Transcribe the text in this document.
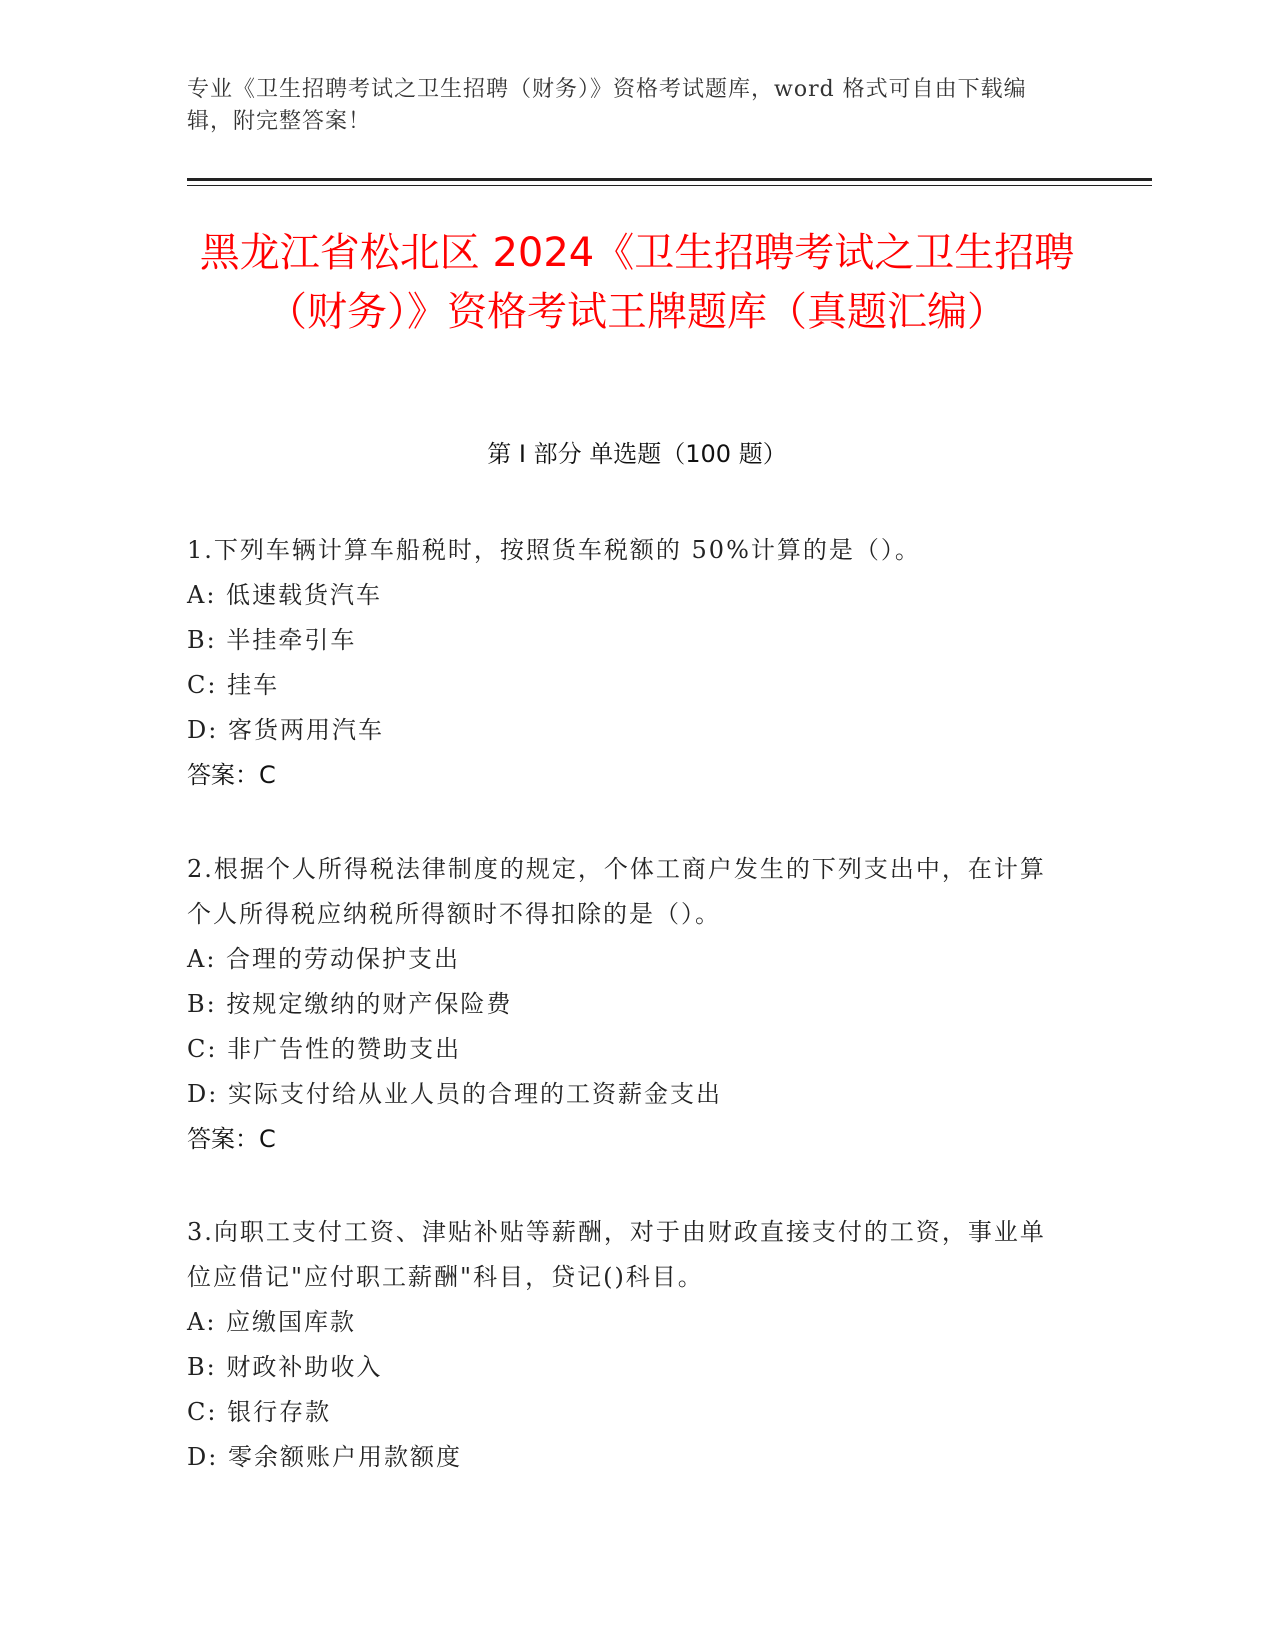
专业《卫生招聘考试之卫生招聘（财务）》资格考试题库，word 格式可自由下载编辑，附完整答案！
黑龙江省松北区 2024《卫生招聘考试之卫生招聘（财务）》资格考试王牌题库（真题汇编）
第 I 部分 单选题（100 题）
1.下列车辆计算车船税时，按照货车税额的 50%计算的是（）。
A: 低速载货汽车
B: 半挂牵引车
C: 挂车
D: 客货两用汽车
答案：C
2.根据个人所得税法律制度的规定，个体工商户发生的下列支出中，在计算个人所得税应纳税所得额时不得扣除的是（）。
A: 合理的劳动保护支出
B: 按规定缴纳的财产保险费
C: 非广告性的赞助支出
D: 实际支付给从业人员的合理的工资薪金支出
答案：C
3.向职工支付工资、津贴补贴等薪酬，对于由财政直接支付的工资，事业单位应借记"应付职工薪酬"科目，贷记()科目。
A: 应缴国库款
B: 财政补助收入
C: 银行存款
D: 零余额账户用款额度
